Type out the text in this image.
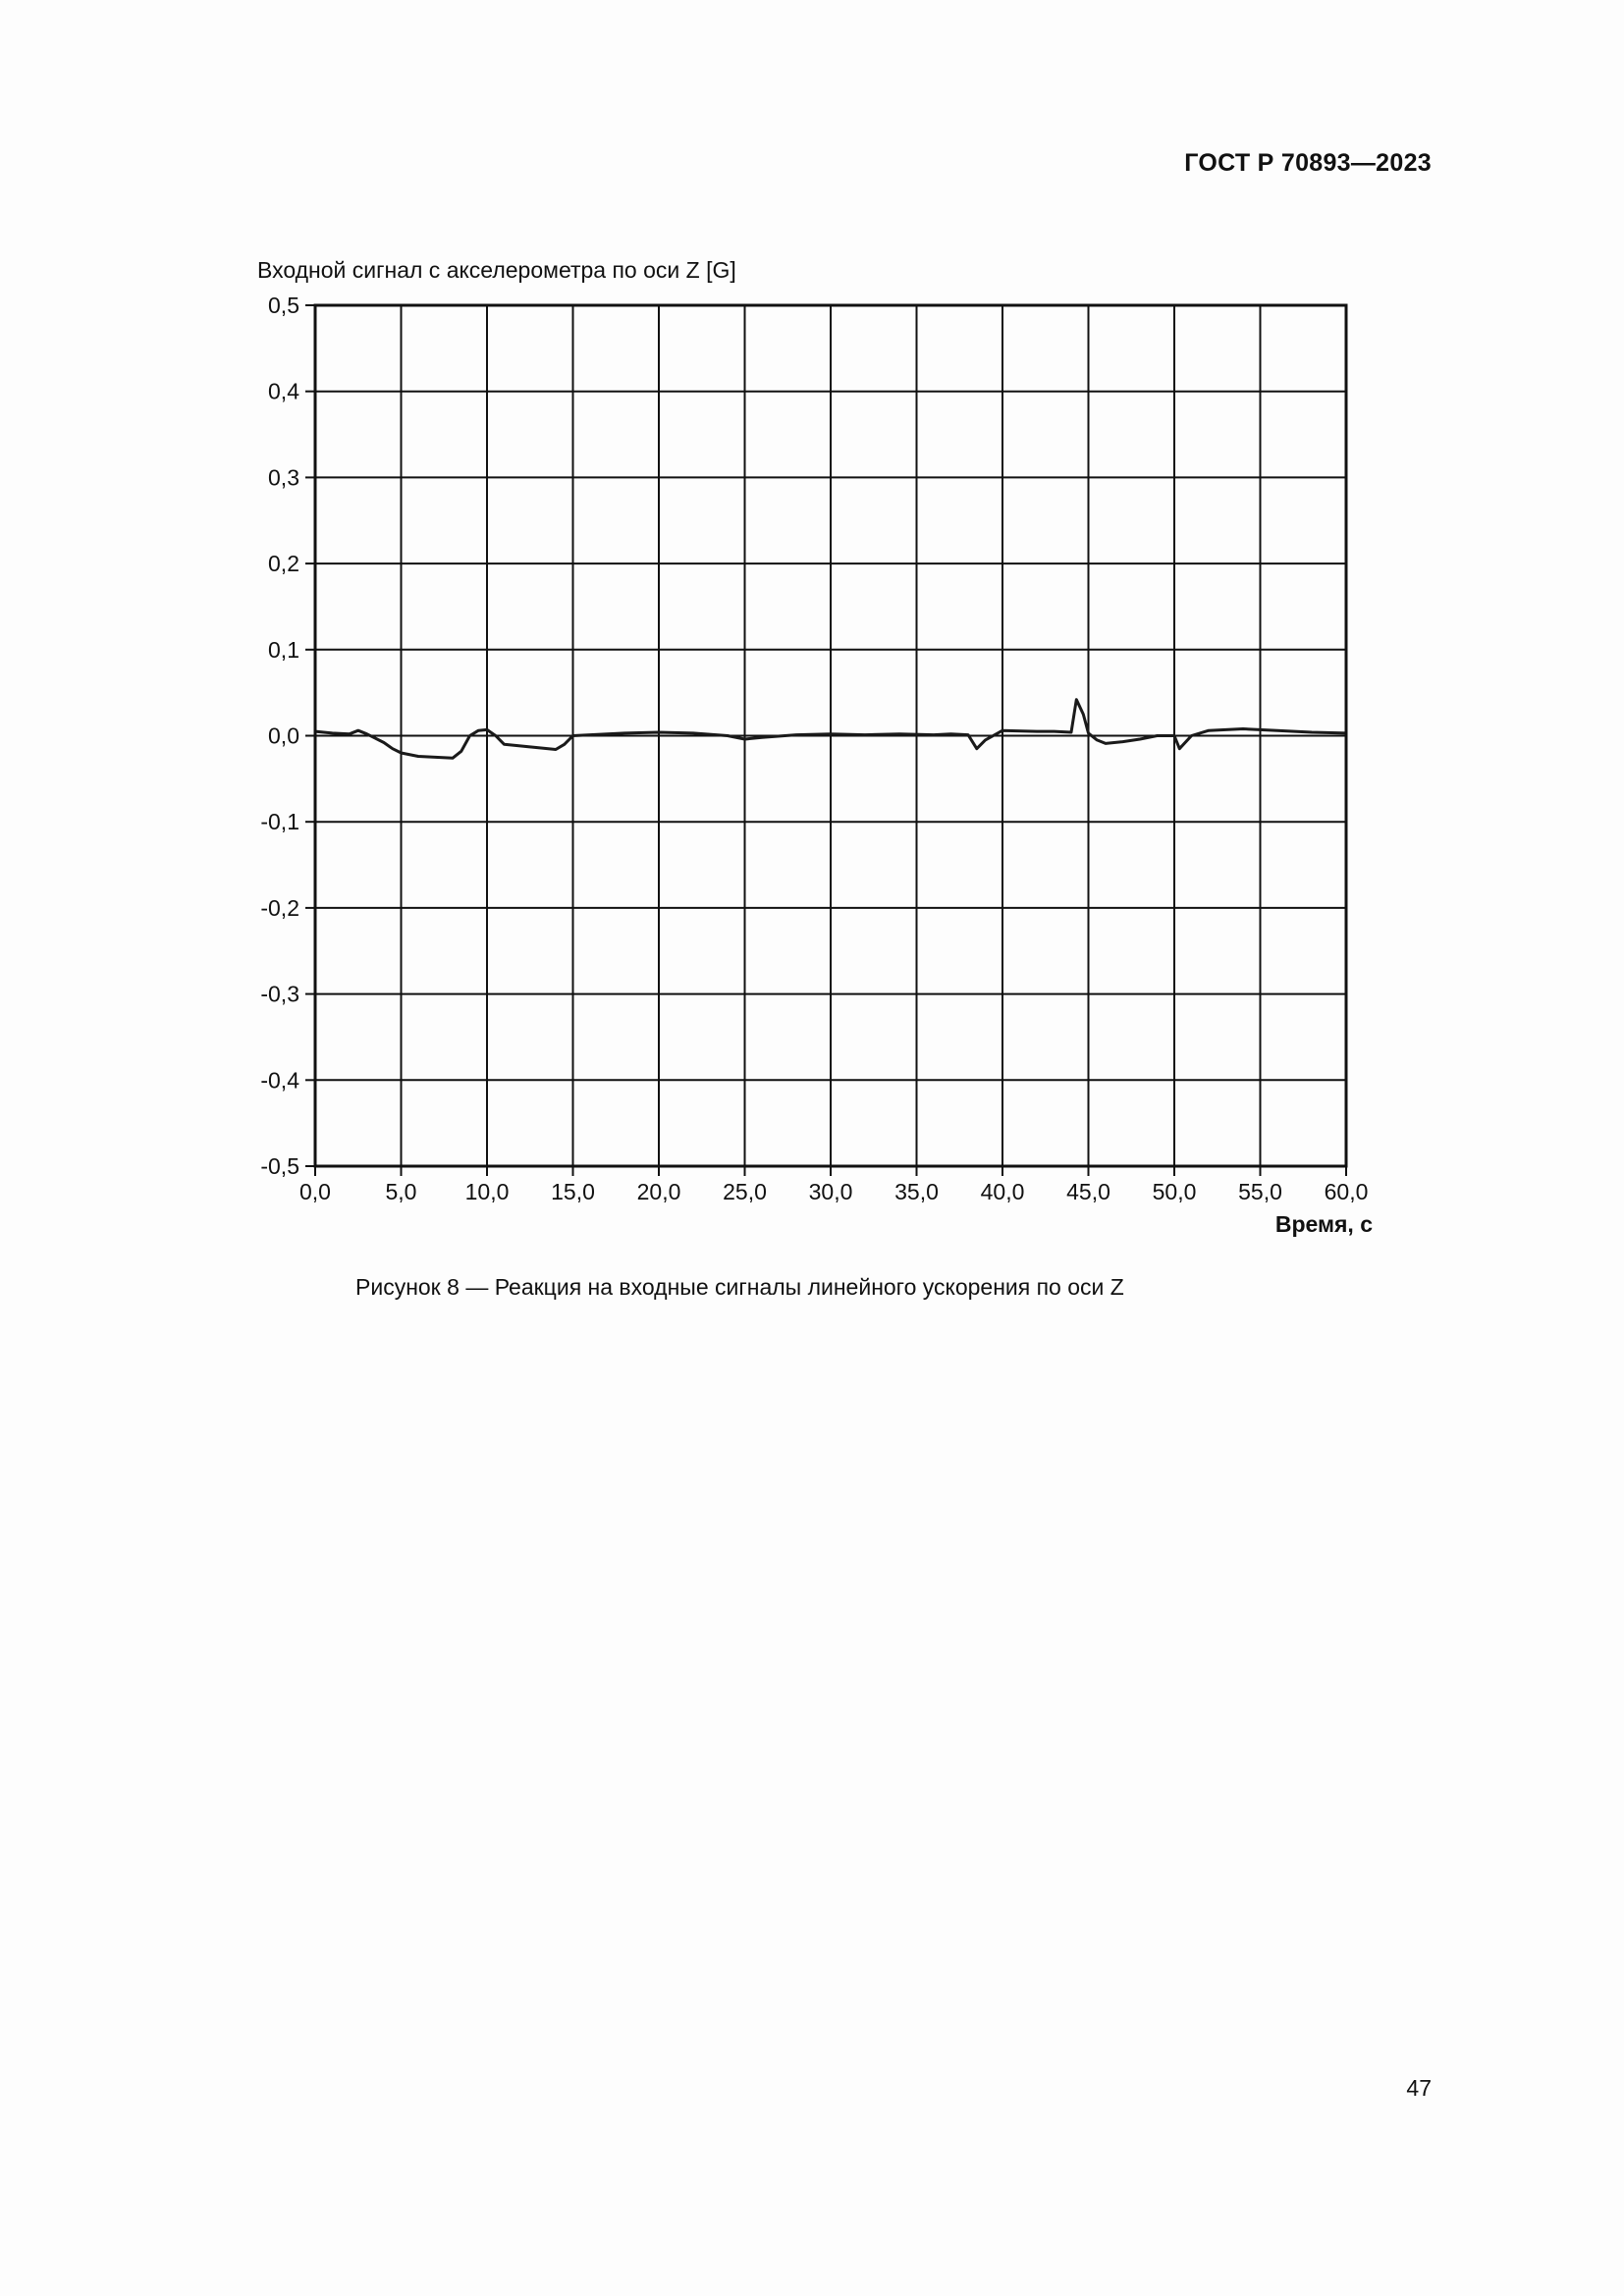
ГОСТ Р 70893—2023
Входной сигнал с акселерометра по оси Z [G]
0,5
0,4
0,3
0,2
0,1
0,0
-0,1
-0,2
-0,3
-0,4
-0,5
0,0 5,0 10,0 15,0 20,0 25,0 30,0 35,0 40,0 45,0 50,0 55,0 60,0
Время, с
Рисунок 8 — Реакция на входные сигналы линейного ускорения по оси Z
47
